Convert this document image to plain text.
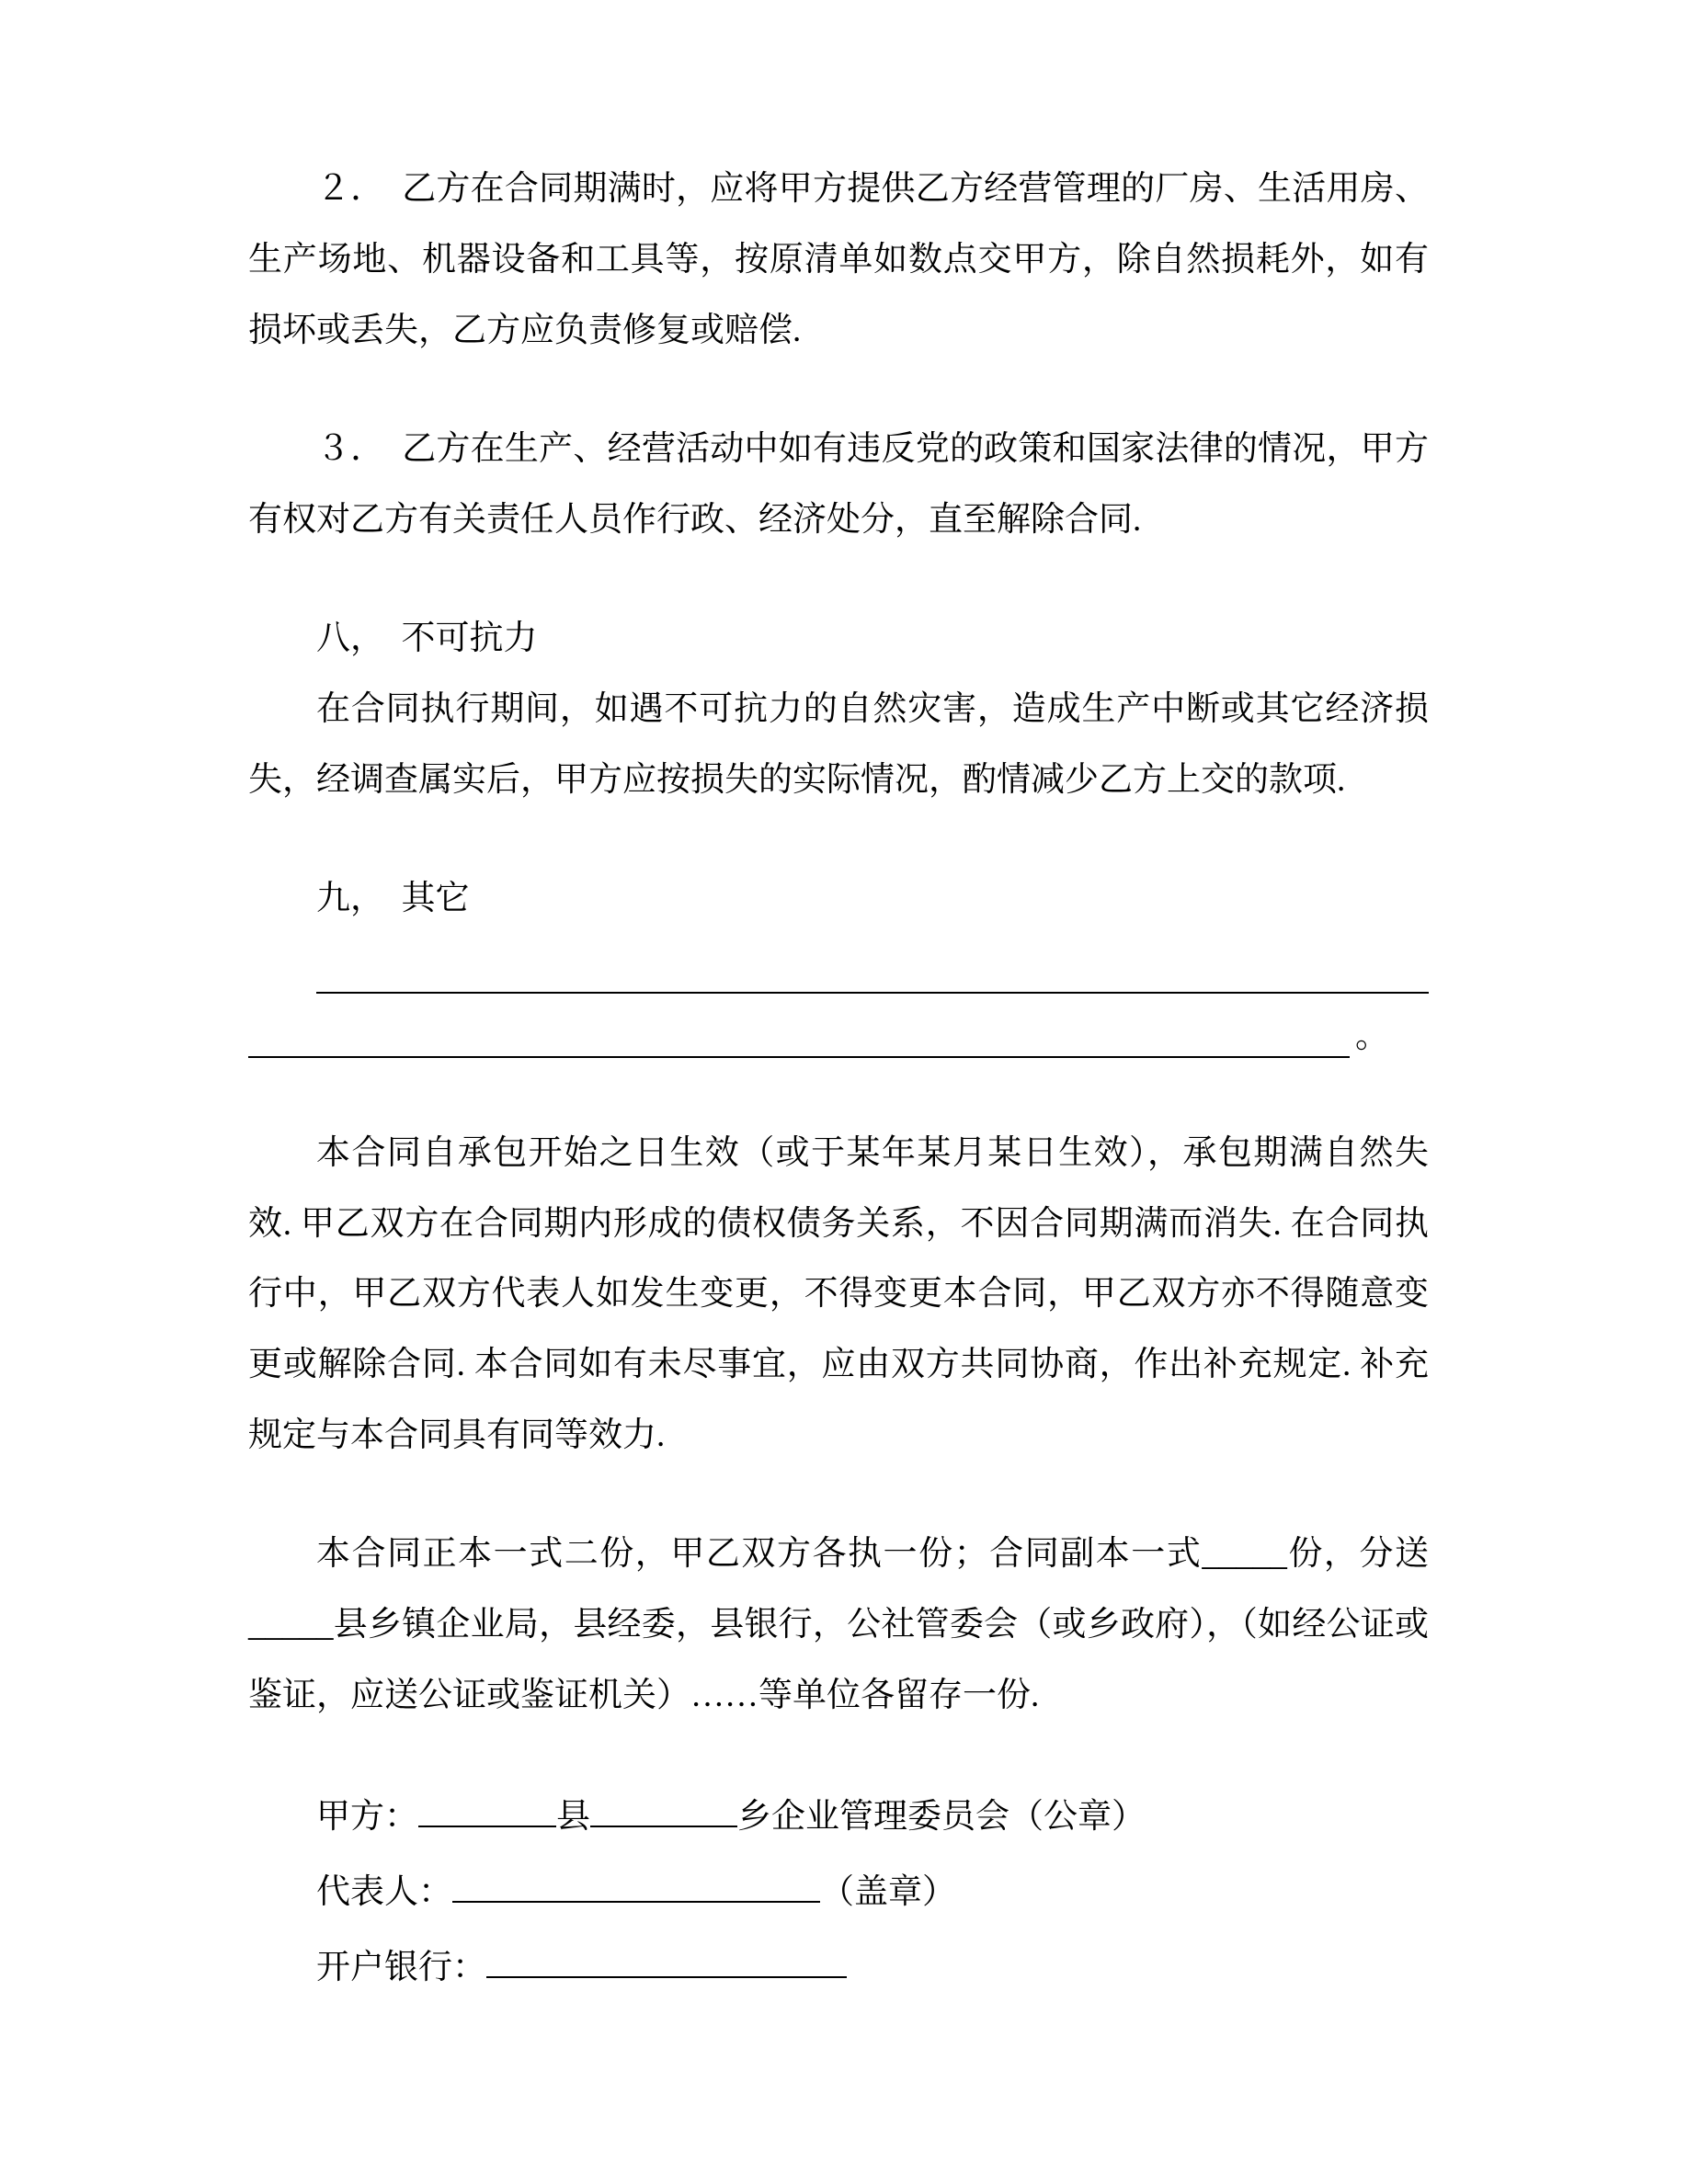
２．　乙方在合同期满时，应将甲方提供乙方经营管理的厂房、生活用房、生产场地、机器设备和工具等，按原清单如数点交甲方，除自然损耗外，如有损坏或丢失，乙方应负责修复或赔偿.

３．　乙方在生产、经营活动中如有违反党的政策和国家法律的情况，甲方有权对乙方有关责任人员作行政、经济处分，直至解除合同.

八，　不可抗力

在合同执行期间，如遇不可抗力的自然灾害，造成生产中断或其它经济损失，经调查属实后，甲方应按损失的实际情况，酌情减少乙方上交的款项.

九，　其它

。

本合同自承包开始之日生效（或于某年某月某日生效），承包期满自然失效. 甲乙双方在合同期内形成的债权债务关系，不因合同期满而消失. 在合同执行中，甲乙双方代表人如发生变更，不得变更本合同，甲乙双方亦不得随意变更或解除合同. 本合同如有未尽事宜，应由双方共同协商，作出补充规定. 补充规定与本合同具有同等效力.

本合同正本一式二份，甲乙双方各执一份；合同副本一式_____份，分送_____县乡镇企业局，县经委，县银行，公社管委会（或乡政府），（如经公证或鉴证，应送公证或鉴证机关）……等单位各留存一份.

甲方：	县	乡企业管理委员会（公章）
代表人：	（盖章）
开户银行：
